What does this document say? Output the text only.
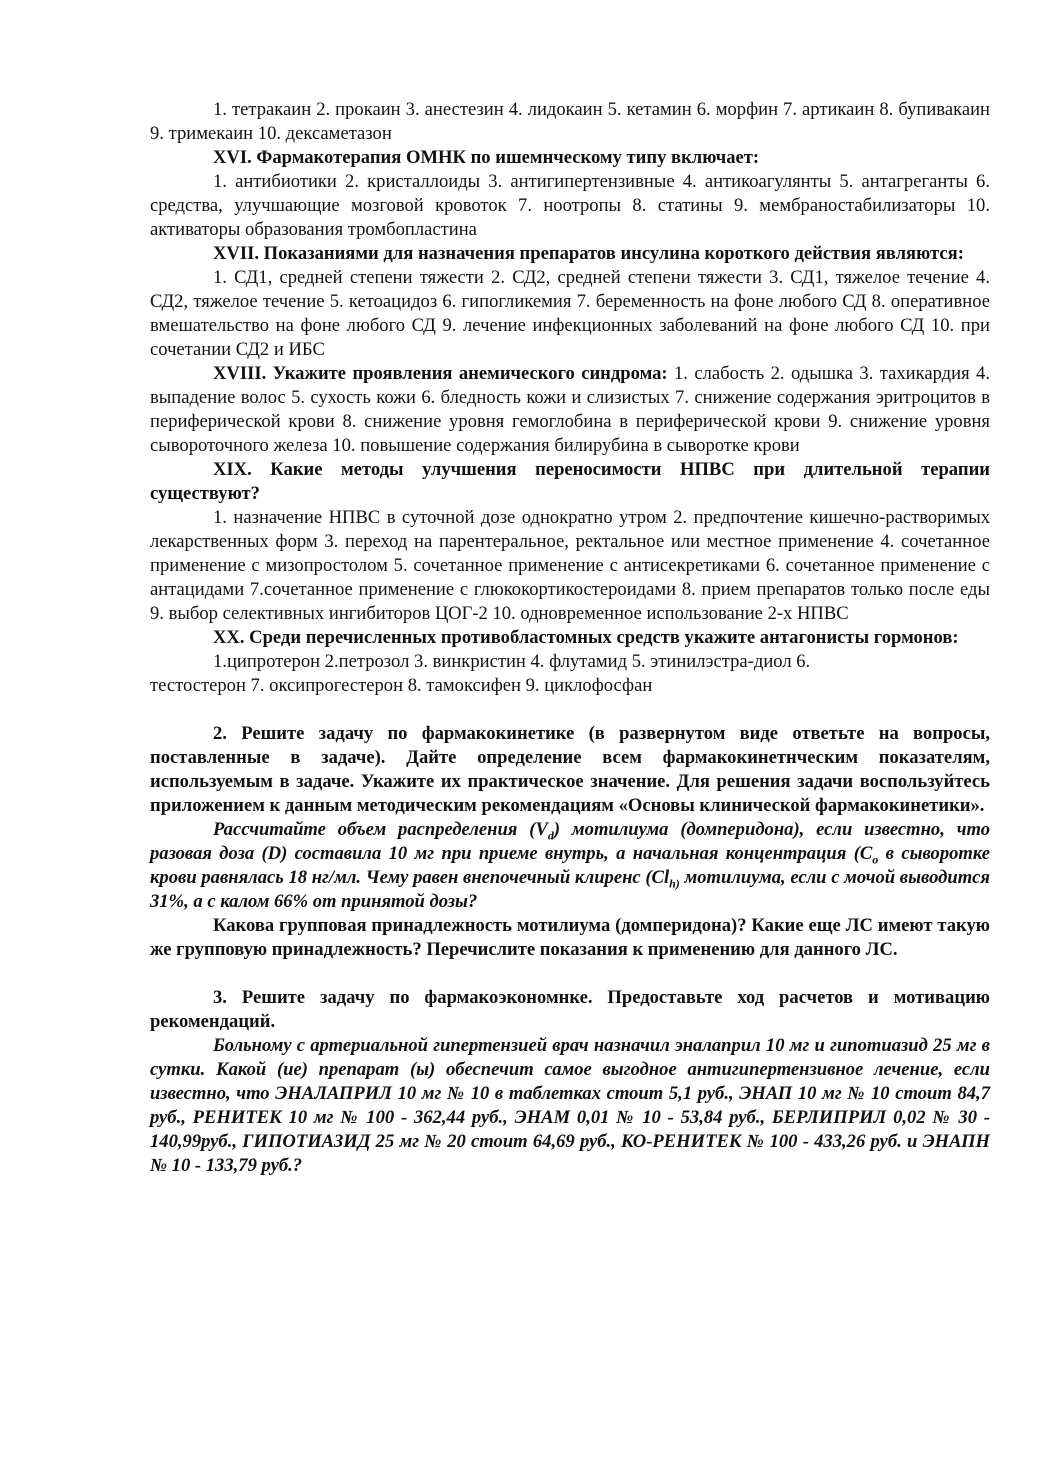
1. тетракаин 2. прокаин 3. анестезин 4. лидокаин 5. кетамин 6. морфин 7. артикаин 8. бупивакаин 9. тримекаин 10. дексаметазон

XVI. Фармакотерапия ОМНК по ишемнческому типу включает:

1. антибиотики 2. кристаллоиды 3. антигипертензивные 4. антикоагулянты 5. антагреганты 6. средства, улучшающие мозговой кровоток 7. ноотропы 8. статины 9. мембраностабилизаторы 10. активаторы образования тромбопластина

XVII. Показаниями для назначения препаратов инсулина короткого действия являются:

1. СД1, средней степени тяжести 2. СД2, средней степени тяжести 3. СД1, тяжелое течение 4. СД2, тяжелое течение 5. кетоацидоз 6. гипогликемия 7. беременность на фоне любого СД 8. оперативное вмешательство на фоне любого СД 9. лечение инфекционных заболеваний на фоне любого СД 10. при сочетании СД2 и ИБС

XVIII. Укажите проявления анемического синдрома: 1. слабость 2. одышка 3. тахикардия 4. выпадение волос 5. сухость кожи 6. бледность кожи и слизистых 7. снижение содержания эритроцитов в периферической крови 8. снижение уровня гемоглобина в периферической крови 9. снижение уровня сывороточного железа 10. повышение содержания билирубина в сыворотке крови

XIX. Какие методы улучшения переносимости НПВС при длительной терапии существуют?

1. назначение НПВС в суточной дозе однократно утром 2. предпочтение кишечно-растворимых лекарственных форм 3. переход на парентеральное, ректальное или местное применение 4. сочетанное применение с мизопростолом 5. сочетанное применение с антисекретиками 6. сочетанное применение с антацидами 7.сочетанное применение с глюкокортикостероидами 8. прием препаратов только после еды 9. выбор селективных ингибиторов ЦОГ-2 10. одновременное использование 2-х НПВС

XX. Среди перечисленных противобластомных средств укажите антагонисты гормонов:

1.ципротерон 2.петрозол 3. винкристин 4. флутамид 5. этинилэстра-диол 6.

тестостерон 7. оксипрогестерон 8. тамоксифен 9. циклофосфан

2. Решите задачу по фармакокинетике (в развернутом виде ответьте на вопросы, поставленные в задаче). Дайте определение всем фармакокинетнческим показателям, используемым в задаче. Укажите их практическое значение. Для решения задачи воспользуйтесь приложением к данным методическим рекомендациям «Основы клинической фармакокинетики».

Рассчитайте объем распределения $(V_d)$ мотилиума (домперидона), если известно, что разовая доза (D) составила 10 мг при приеме внутрь, а начальная концентрация ($C_o$ в сыворотке крови равнялась 18 нг/мл. Чему равен внепочечный клиренс ($Cl_{h)}$ мотилиума, если с мочой выводится 31%, а с калом 66% от принятой дозы?

Какова групповая принадлежность мотилиума (домперидона)? Какие еще ЛС имеют такую же групповую принадлежность? Перечислите показания к применению для данного ЛС.

3. Решите задачу по фармакоэкономнке. Предоставьте ход расчетов и мотивацию рекомендаций.

Больному с артериальной гипертензией врач назначил эналаприл 10 мг и гипотиазид 25 мг в сутки. Какой (ие) препарат (ы) обеспечит самое выгодное антигипертензивное лечение, если известно, что ЭНАЛАПРИЛ 10 мг № 10 в таблетках стоит 5,1 руб., ЭНАП 10 мг № 10 стоит 84,7 руб., РЕНИТЕК 10 мг № 100 - 362,44 руб., ЭНАМ 0,01 № 10 - 53,84 руб., БЕРЛИПРИЛ 0,02 № 30 - 140,99руб., ГИПОТИАЗИД 25 мг № 20 стоит 64,69 руб., КО-РЕНИТЕК № 100 - 433,26 руб. и ЭНАПН № 10 - 133,79 руб.?
